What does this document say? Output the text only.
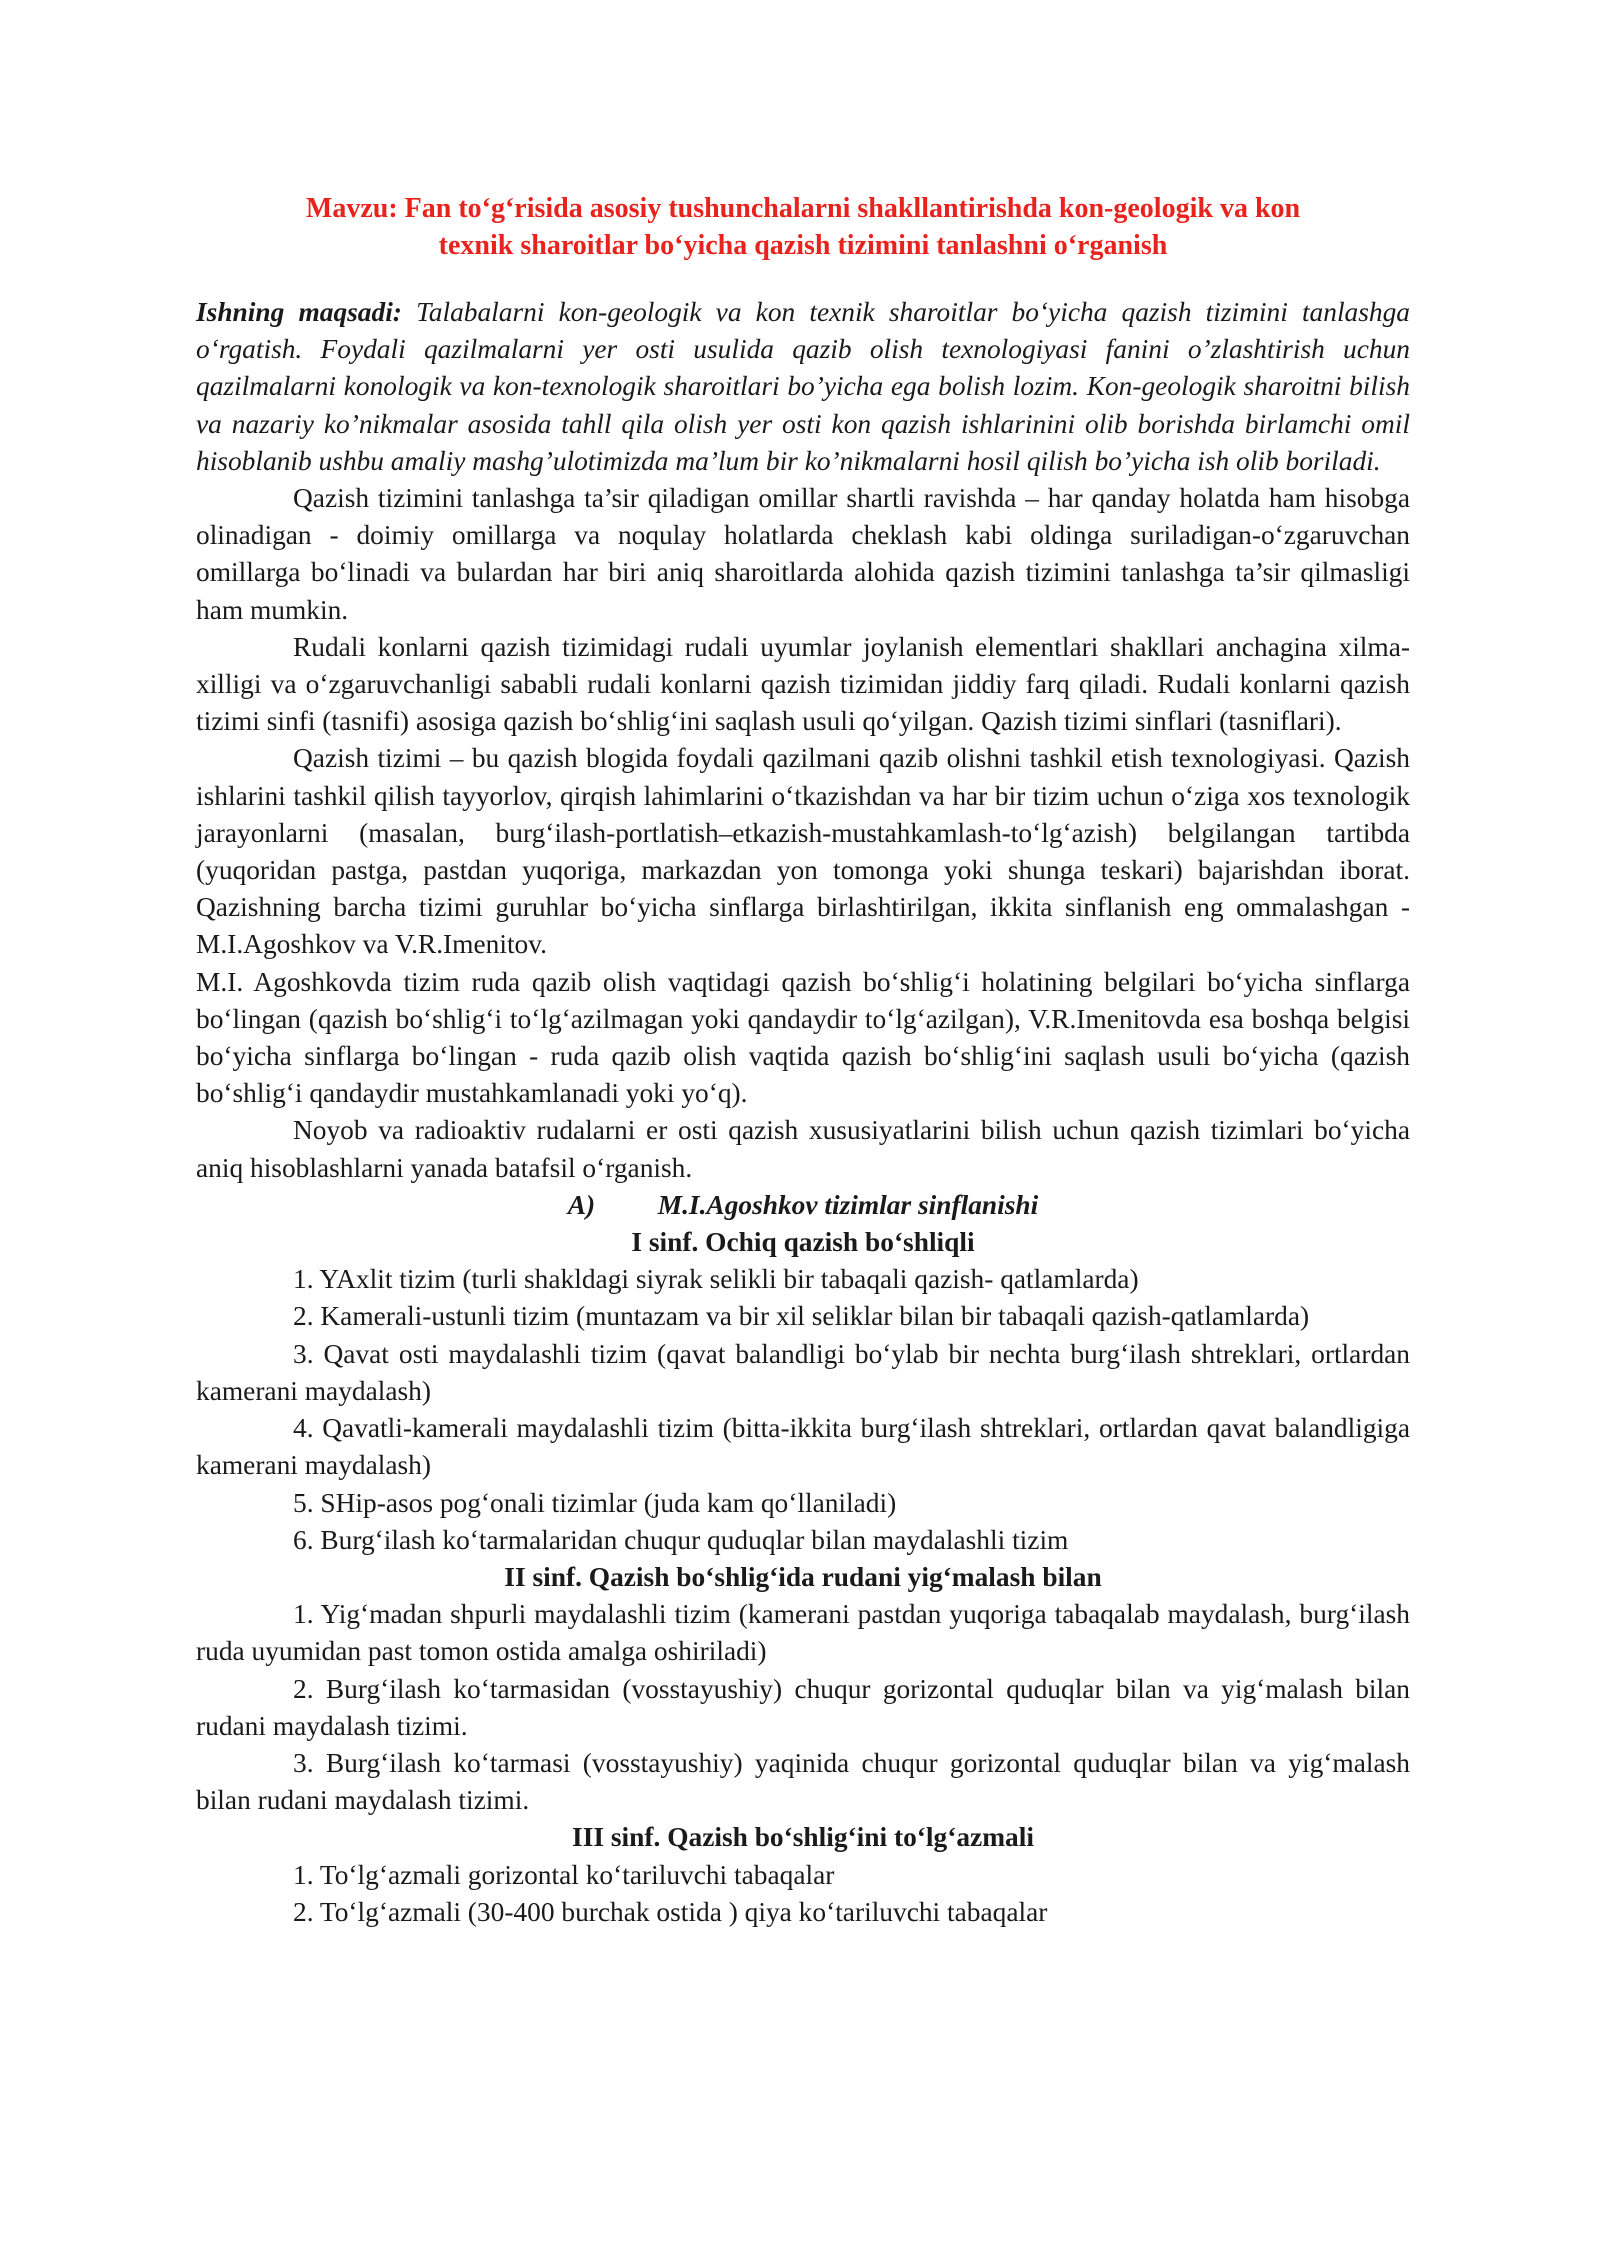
Mavzu: Fan to‘g‘risida asosiy tushunchalarni shakllantirishda kon-geologik va kon
texnik sharoitlar bo‘yicha qazish tizimini tanlashni o‘rganish

Ishning maqsadi: Talabalarni kon-geologik va kon texnik sharoitlar bo‘yicha qazish tizimini tanlashga o‘rgatish. Foydali qazilmalarni yer osti usulida qazib olish texnologiyasi fanini o’zlashtirish uchun qazilmalarni konologik va kon-texnologik sharoitlari bo’yicha ega bolish lozim. Kon-geologik sharoitni bilish va nazariy ko’nikmalar asosida tahll qila olish yer osti kon qazish ishlarinini olib borishda birlamchi omil hisoblanib ushbu amaliy mashg’ulotimizda ma’lum bir ko’nikmalarni hosil qilish bo’yicha ish olib boriladi.

Qazish tizimini tanlashga ta’sir qiladigan omillar shartli ravishda – har qanday holatda ham hisobga olinadigan - doimiy omillarga va noqulay holatlarda cheklash kabi oldinga suriladigan-o‘zgaruvchan omillarga bo‘linadi va bulardan har biri aniq sharoitlarda alohida qazish tizimini tanlashga ta’sir qilmasligi ham mumkin.

Rudali konlarni qazish tizimidagi rudali uyumlar joylanish elementlari shakllari anchagina xilma-xilligi va o‘zgaruvchanligi sababli rudali konlarni qazish tizimidan jiddiy farq qiladi. Rudali konlarni qazish tizimi sinfi (tasnifi) asosiga qazish bo‘shlig‘ini saqlash usuli qo‘yilgan. Qazish tizimi sinflari (tasniflari).

Qazish tizimi – bu qazish blogida foydali qazilmani qazib olishni tashkil etish texnologiyasi. Qazish ishlarini tashkil qilish tayyorlov, qirqish lahimlarini o‘tkazishdan va har bir tizim uchun o‘ziga xos texnologik jarayonlarni (masalan, burg‘ilash-portlatish–etkazish-mustahkamlash-to‘lg‘azish) belgilangan tartibda (yuqoridan pastga, pastdan yuqoriga, markazdan yon tomonga yoki shunga teskari) bajarishdan iborat. Qazishning barcha tizimi guruhlar bo‘yicha sinflarga birlashtirilgan, ikkita sinflanish eng ommalashgan - M.I.Agoshkov va V.R.Imenitov.

M.I. Agoshkovda tizim ruda qazib olish vaqtidagi qazish bo‘shlig‘i holatining belgilari bo‘yicha sinflarga bo‘lingan (qazish bo‘shlig‘i to‘lg‘azilmagan yoki qandaydir to‘lg‘azilgan), V.R.Imenitovda esa boshqa belgisi bo‘yicha sinflarga bo‘lingan - ruda qazib olish vaqtida qazish bo‘shlig‘ini saqlash usuli bo‘yicha (qazish bo‘shlig‘i qandaydir mustahkamlanadi yoki yo‘q).

Noyob va radioaktiv rudalarni er osti qazish xususiyatlarini bilish uchun qazish tizimlari bo‘yicha aniq hisoblashlarni yanada batafsil o‘rganish.

A) M.I.Agoshkov tizimlar sinflanishi
I sinf. Ochiq qazish bo‘shliqli

1. YAxlit tizim (turli shakldagi siyrak selikli bir tabaqali qazish- qatlamlarda)

2. Kamerali-ustunli tizim (muntazam va bir xil seliklar bilan bir tabaqali qazish-qatlamlarda)

3. Qavat osti maydalashli tizim (qavat balandligi bo‘ylab bir nechta burg‘ilash shtreklari, ortlardan kamerani maydalash)

4. Qavatli-kamerali maydalashli tizim (bitta-ikkita burg‘ilash shtreklari, ortlardan qavat balandligiga kamerani maydalash)

5. SHip-asos pog‘onali tizimlar (juda kam qo‘llaniladi)

6. Burg‘ilash ko‘tarmalaridan chuqur quduqlar bilan maydalashli tizim

II sinf. Qazish bo‘shlig‘ida rudani yig‘malash bilan

1. Yig‘madan shpurli maydalashli tizim (kamerani pastdan yuqoriga tabaqalab maydalash, burg‘ilash ruda uyumidan past tomon ostida amalga oshiriladi)

2. Burg‘ilash ko‘tarmasidan (vosstayushiy) chuqur gorizontal quduqlar bilan va yig‘malash bilan rudani maydalash tizimi.

3. Burg‘ilash ko‘tarmasi (vosstayushiy) yaqinida chuqur gorizontal quduqlar bilan va yig‘malash bilan rudani maydalash tizimi.

III sinf. Qazish bo‘shlig‘ini to‘lg‘azmali

1. To‘lg‘azmali gorizontal ko‘tariluvchi tabaqalar

2. To‘lg‘azmali (30-400 burchak ostida ) qiya ko‘tariluvchi tabaqalar
